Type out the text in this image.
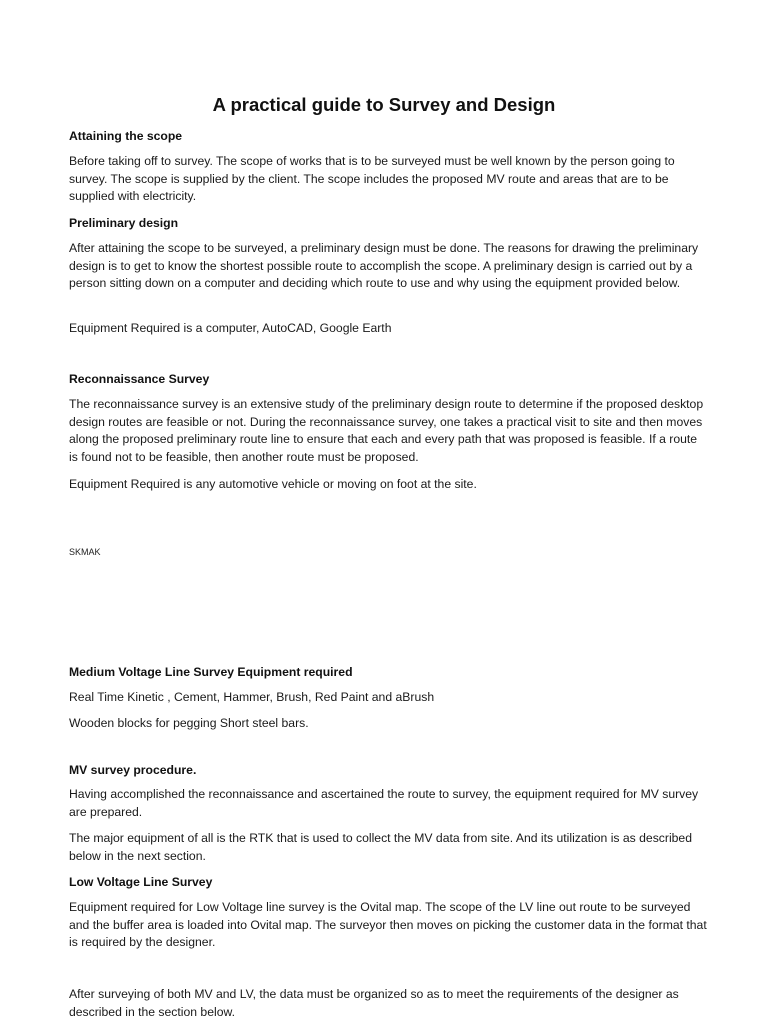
A practical guide to Survey and Design
Attaining the scope
Before taking off to survey. The scope of works that is to be surveyed must be well known by the person going to survey. The scope is supplied by the client. The scope includes the proposed MV route and areas that are to be supplied with electricity.
Preliminary design
After attaining the scope to be surveyed, a preliminary design must be done. The reasons for drawing the preliminary design is to get to know the shortest possible route to accomplish the scope. A preliminary design is carried out by a person sitting down on a computer and deciding which route to use and why using the equipment provided below.
Equipment Required is a computer, AutoCAD, Google Earth
Reconnaissance Survey
The reconnaissance survey is an extensive study of the preliminary design route to determine if the proposed desktop design routes are feasible or not. During the reconnaissance survey, one takes a practical visit to site and then moves along the proposed preliminary route line to ensure that each and every path that was proposed is feasible. If a route is found not to be feasible, then another route must be proposed.
Equipment Required is any automotive vehicle or moving on foot at the site.
SKMAK
Medium Voltage Line Survey Equipment required
Real Time Kinetic , Cement, Hammer, Brush, Red Paint and aBrush
Wooden blocks for pegging Short steel bars.
MV survey procedure.
Having accomplished the reconnaissance and ascertained the route to survey, the equipment required for MV survey are prepared.
The major equipment of all is the RTK that is used to collect the MV data from site. And its utilization is as described below in the next section.
Low Voltage Line Survey
Equipment required for Low Voltage line survey is the Ovital map. The scope of the LV line out route to be surveyed and the buffer area is loaded into Ovital map. The surveyor then moves on picking the customer data in the format that is required by the designer.
After surveying of both MV and LV, the data must be organized so as to meet the requirements of the designer as described in the section below.
